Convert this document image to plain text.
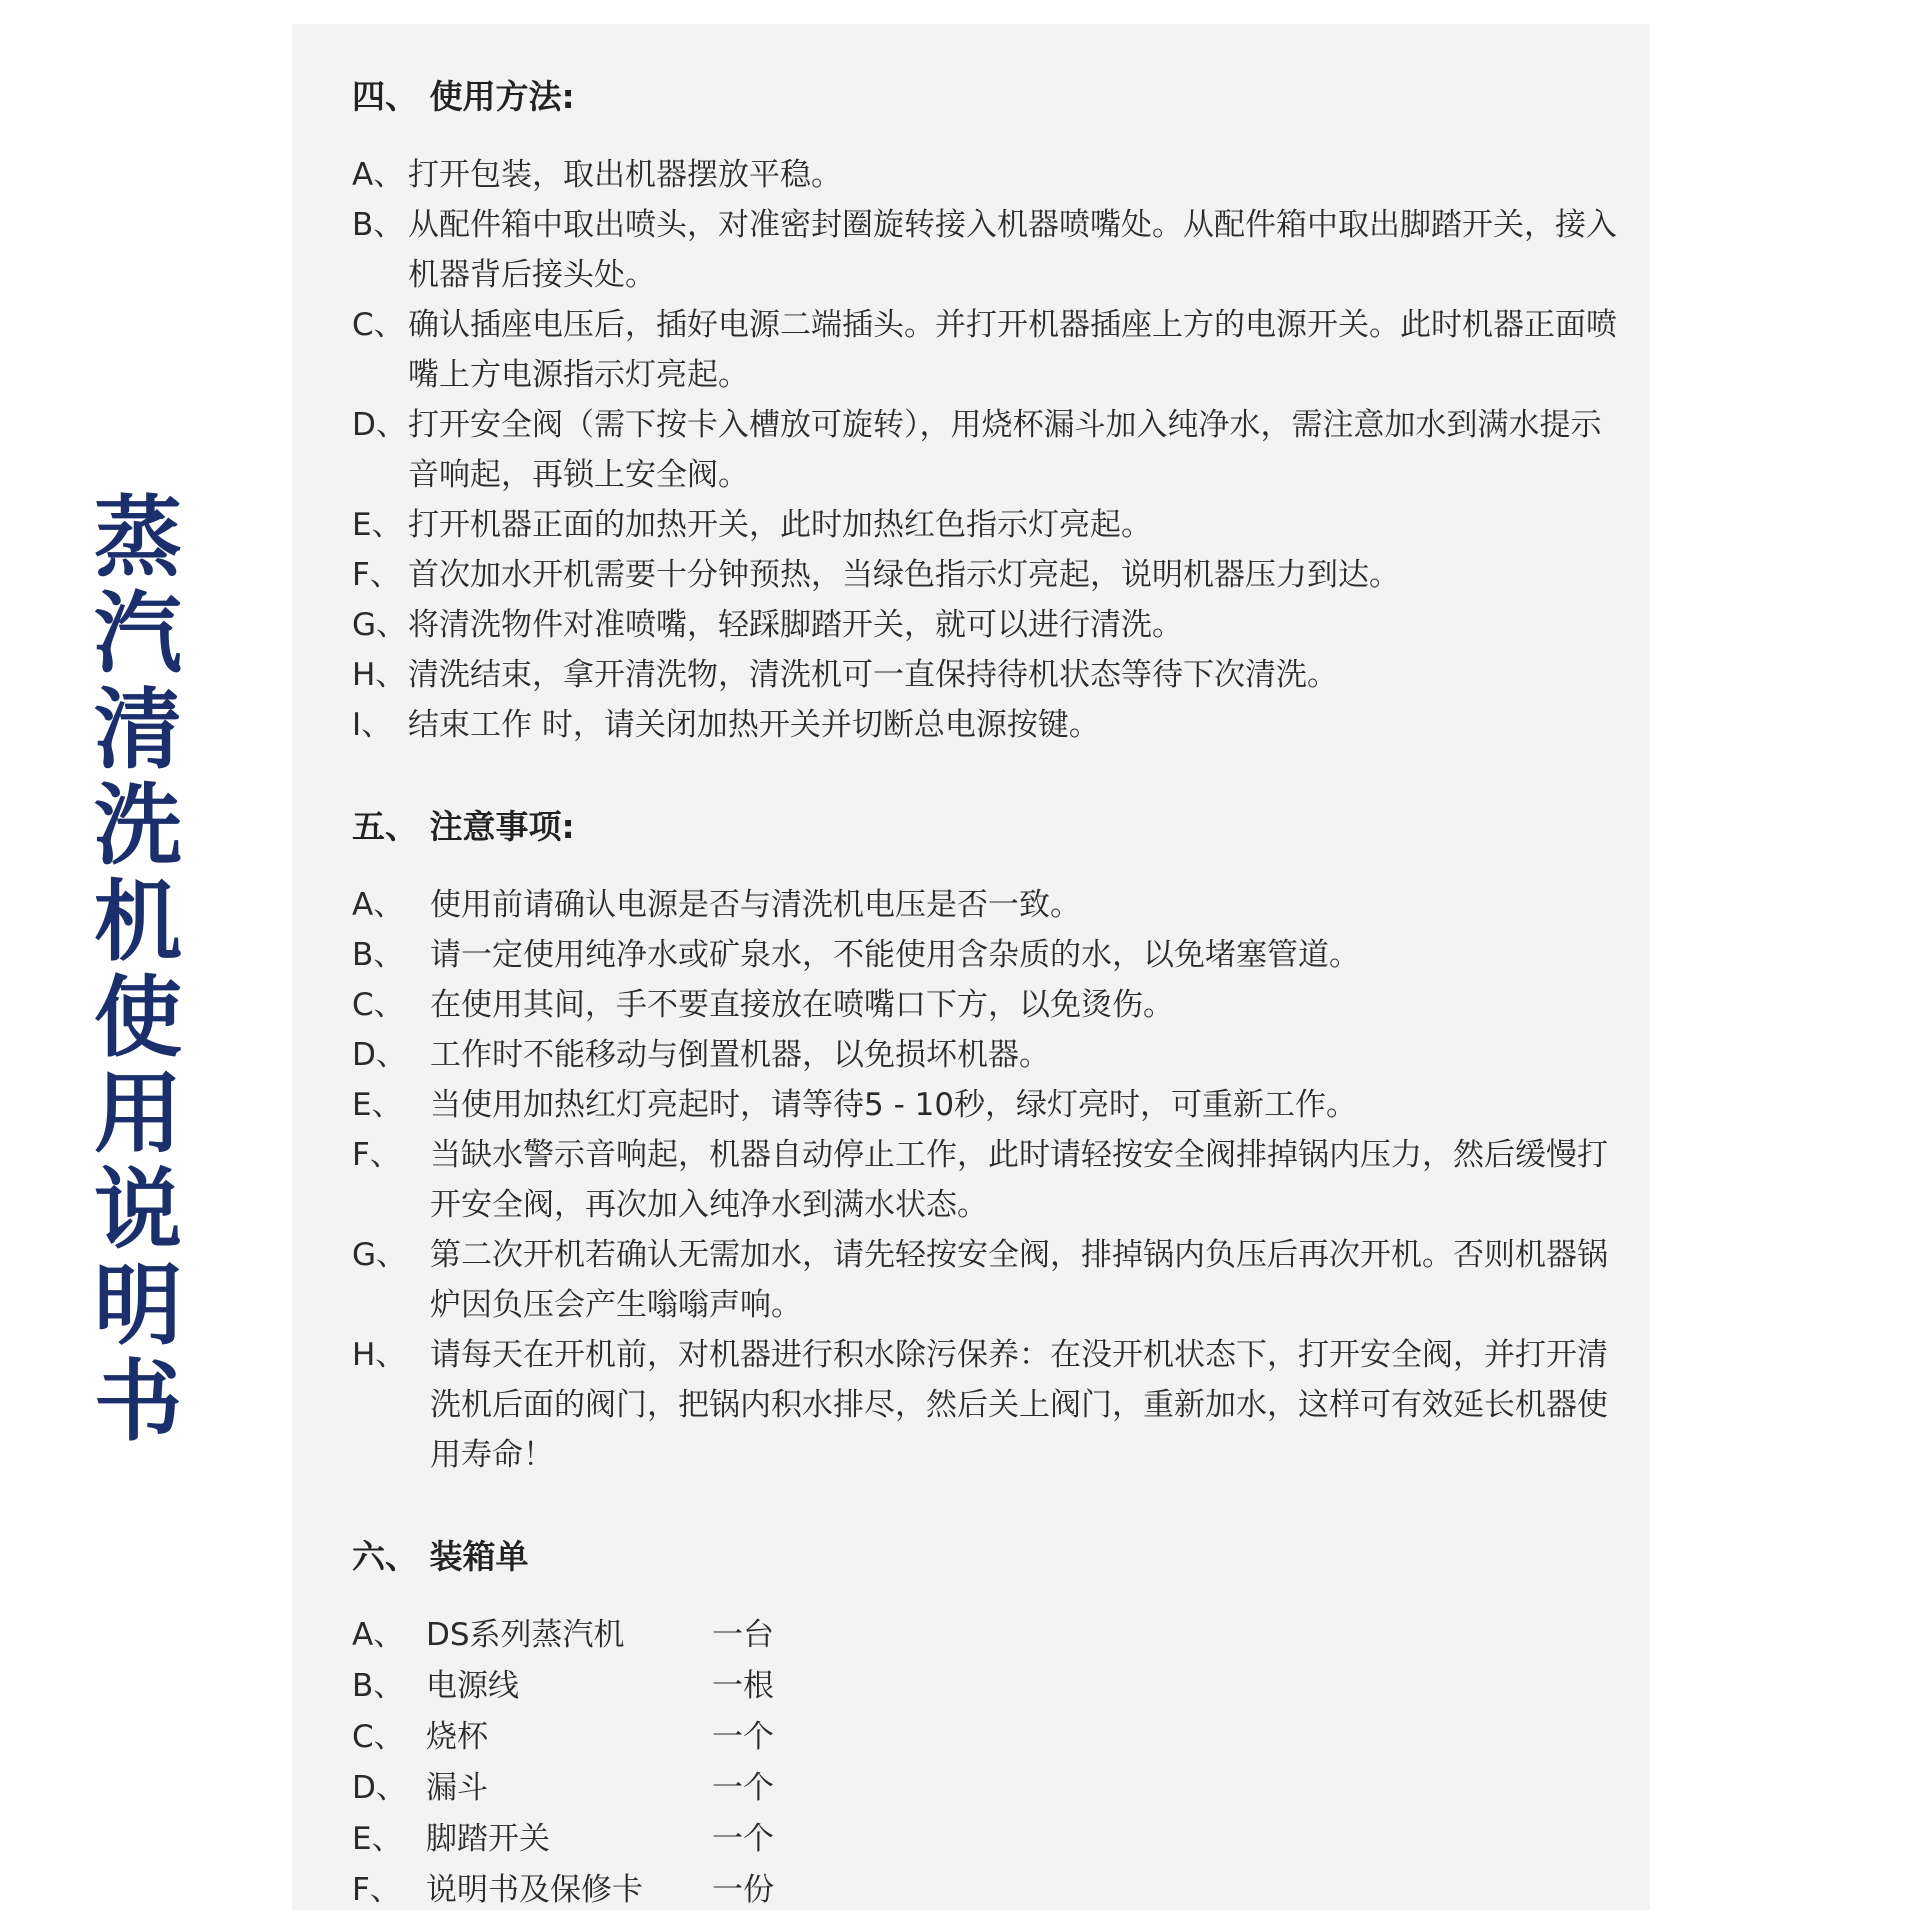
蒸
汽
清
洗
机
使
用
说
明
书
四、 使用方法:
A、 打开包装，取出机器摆放平稳。
B、 从配件箱中取出喷头，对准密封圈旋转接入机器喷嘴处。从配件箱中取出脚踏开关，接入机器背后接头处。
C、 确认插座电压后，插好电源二端插头。并打开机器插座上方的电源开关。此时机器正面喷嘴上方电源指示灯亮起。
D、 打开安全阀（需下按卡入槽放可旋转），用烧杯漏斗加入纯净水，需注意加水到满水提示音响起，再锁上安全阀。
E、 打开机器正面的加热开关，此时加热红色指示灯亮起。
F、 首次加水开机需要十分钟预热，当绿色指示灯亮起，说明机器压力到达。
G、 将清洗物件对准喷嘴，轻踩脚踏开关，就可以进行清洗。
H、 清洗结束，拿开清洗物，清洗机可一直保持待机状态等待下次清洗。
I、 结束工作 时，请关闭加热开关并切断总电源按键。
五、 注意事项:
A、 使用前请确认电源是否与清洗机电压是否一致。
B、 请一定使用纯净水或矿泉水，不能使用含杂质的水，以免堵塞管道。
C、 在使用其间，手不要直接放在喷嘴口下方，以免烫伤。
D、 工作时不能移动与倒置机器，以免损坏机器。
E、 当使用加热红灯亮起时，请等待5 - 10秒，绿灯亮时，可重新工作。
F、 当缺水警示音响起，机器自动停止工作，此时请轻按安全阀排掉锅内压力，然后缓慢打开安全阀，再次加入纯净水到满水状态。
G、 第二次开机若确认无需加水，请先轻按安全阀，排掉锅内负压后再次开机。否则机器锅炉因负压会产生嗡嗡声响。
H、 请每天在开机前，对机器进行积水除污保养：在没开机状态下，打开安全阀，并打开清洗机后面的阀门，把锅内积水排尽，然后关上阀门，重新加水，这样可有效延长机器使用寿命！
六、 装箱单
A、 DS系列蒸汽机	一台
B、 电源线	一根
C、 烧杯	一个
D、 漏斗	一个
E、 脚踏开关	一个
F、 说明书及保修卡	一份
